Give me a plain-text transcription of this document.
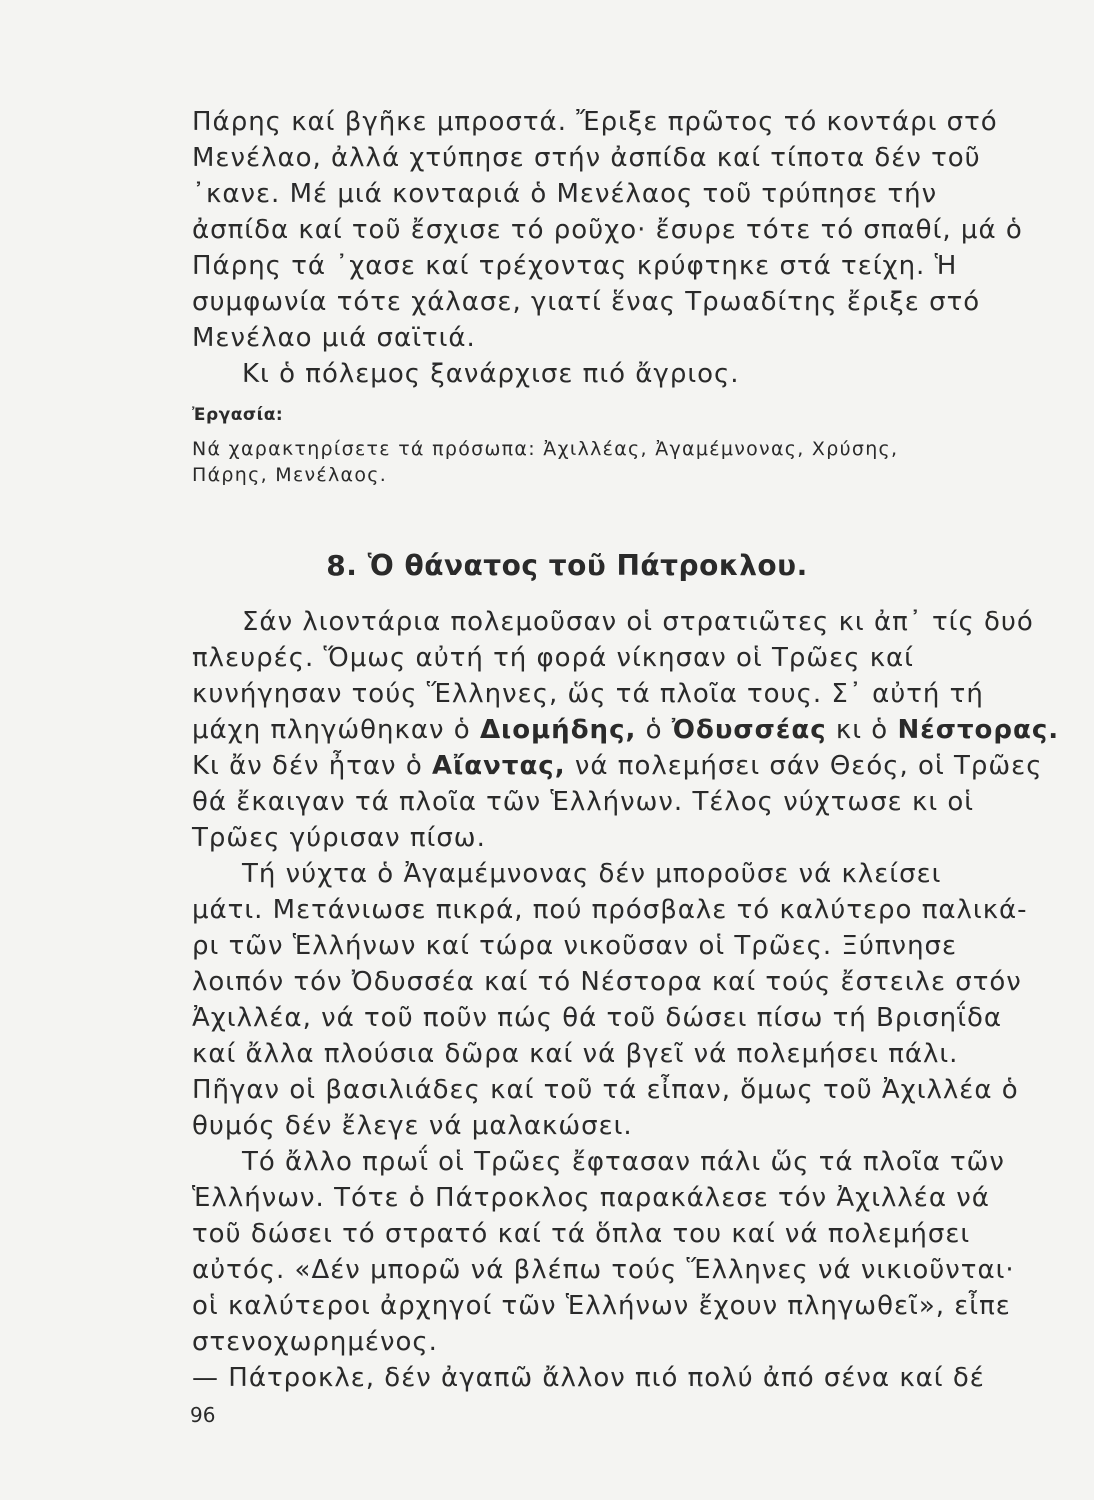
Πάρης καί βγῆκε μπροστά. Ἔριξε πρῶτος τό κοντάρι στό
Μενέλαο, ἀλλά χτύπησε στήν ἀσπίδα καί τίποτα δέν τοῦ
᾿κανε. Μέ μιά κονταριά ὁ Μενέλαος τοῦ τρύπησε τήν
ἀσπίδα καί τοῦ ἔσχισε τό ροῦχο· ἔσυρε τότε τό σπαθί, μά ὁ
Πάρης τά ᾿χασε καί τρέχοντας κρύφτηκε στά τείχη. Ἡ
συμφωνία τότε χάλασε, γιατί ἕνας Τρωαδίτης ἔριξε στό
Μενέλαο μιά σαϊτιά.
Κι ὁ πόλεμος ξανάρχισε πιό ἄγριος.
Ἐργασία:
Νά χαρακτηρίσετε τά πρόσωπα: Ἀχιλλέας, Ἀγαμέμνονας, Χρύσης,
Πάρης, Μενέλαος.
8. Ὁ θάνατος τοῦ Πάτροκλου.
Σάν λιοντάρια πολεμοῦσαν οἱ στρατιῶτες κι ἀπ᾿ τίς δυό
πλευρές. Ὅμως αὐτή τή φορά νίκησαν οἱ Τρῶες καί
κυνήγησαν τούς Ἕλληνες, ὥς τά πλοῖα τους. Σ᾿ αὐτή τή
μάχη πληγώθηκαν ὁ Διομήδης, ὁ Ὀδυσσέας κι ὁ Νέστορας.
Κι ἄν δέν ἦταν ὁ Αἴαντας, νά πολεμήσει σάν Θεός, οἱ Τρῶες
θά ἔκαιγαν τά πλοῖα τῶν Ἑλλήνων. Τέλος νύχτωσε κι οἱ
Τρῶες γύρισαν πίσω.
Τή νύχτα ὁ Ἀγαμέμνονας δέν μποροῦσε νά κλείσει
μάτι. Μετάνιωσε πικρά, πού πρόσβαλε τό καλύτερο παλικά-
ρι τῶν Ἑλλήνων καί τώρα νικοῦσαν οἱ Τρῶες. Ξύπνησε
λοιπόν τόν Ὀδυσσέα καί τό Νέστορα καί τούς ἔστειλε στόν
Ἀχιλλέα, νά τοῦ ποῦν πώς θά τοῦ δώσει πίσω τή Βρισηΐδα
καί ἄλλα πλούσια δῶρα καί νά βγεῖ νά πολεμήσει πάλι.
Πῆγαν οἱ βασιλιάδες καί τοῦ τά εἶπαν, ὅμως τοῦ Ἀχιλλέα ὁ
θυμός δέν ἔλεγε νά μαλακώσει.
Τό ἄλλο πρωΐ οἱ Τρῶες ἔφτασαν πάλι ὥς τά πλοῖα τῶν
Ἑλλήνων. Τότε ὁ Πάτροκλος παρακάλεσε τόν Ἀχιλλέα νά
τοῦ δώσει τό στρατό καί τά ὅπλα του καί νά πολεμήσει
αὐτός. «Δέν μπορῶ νά βλέπω τούς Ἕλληνες νά νικιοῦνται·
οἱ καλύτεροι ἀρχηγοί τῶν Ἑλλήνων ἔχουν πληγωθεῖ», εἶπε
στενοχωρημένος.
— Πάτροκλε, δέν ἀγαπῶ ἄλλον πιό πολύ ἀπό σένα καί δέ
96
